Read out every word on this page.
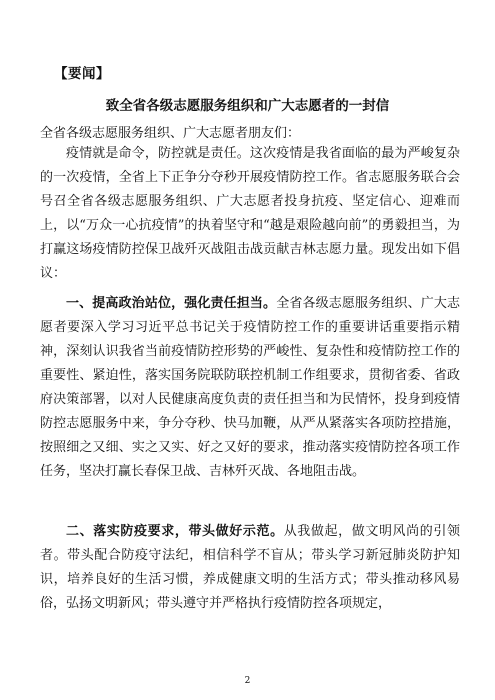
【要闻】
致全省各级志愿服务组织和广大志愿者的一封信
全省各级志愿服务组织、广大志愿者朋友们：

疫情就是命令，防控就是责任。这次疫情是我省面临的最为严峻复杂的一次疫情，全省上下正争分夺秒开展疫情防控工作。省志愿服务联合会号召全省各级志愿服务组织、广大志愿者投身抗疫、坚定信心、迎难而上，以“万众一心抗疫情”的执着坚守和“越是艰险越向前”的勇毅担当，为打赢这场疫情防控保卫战歼灭战阻击战贡献吉林志愿力量。现发出如下倡议：

一、提高政治站位，强化责任担当。全省各级志愿服务组织、广大志愿者要深入学习习近平总书记关于疫情防控工作的重要讲话重要指示精神，深刻认识我省当前疫情防控形势的严峻性、复杂性和疫情防控工作的重要性、紧迫性，落实国务院联防联控机制工作组要求，贯彻省委、省政府决策部署，以对人民健康高度负责的责任担当和为民情怀，投身到疫情防控志愿服务中来，争分夺秒、快马加鞭，从严从紧落实各项防控措施，按照细之又细、实之又实、好之又好的要求，推动落实疫情防控各项工作任务，坚决打赢长春保卫战、吉林歼灭战、各地阻击战。

二、落实防疫要求，带头做好示范。从我做起，做文明风尚的引领者。带头配合防疫守法纪，相信科学不盲从；带头学习新冠肺炎防护知识，培养良好的生活习惯，养成健康文明的生活方式；带头推动移风易俗，弘扬文明新风；带头遵守并严格执行疫情防控各项规定，

2
